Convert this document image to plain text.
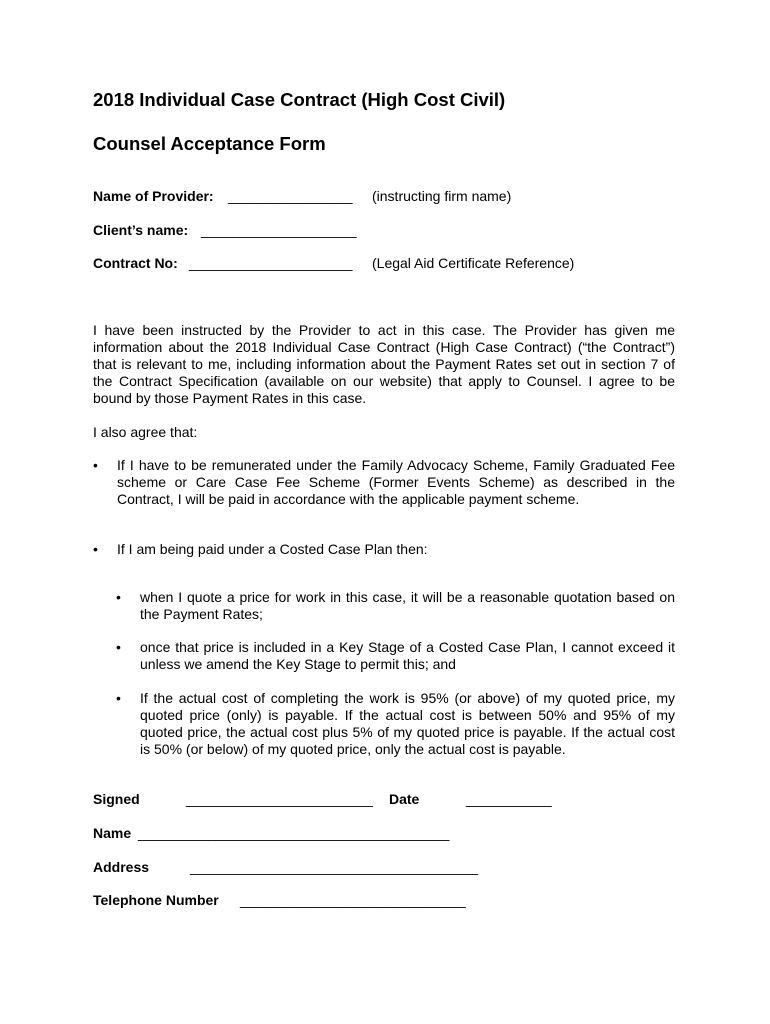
2018 Individual Case Contract (High Cost Civil)
Counsel Acceptance Form
Name of Provider: ________________ (instructing firm name)
Client’s name: ____________________
Contract No: _____________________ (Legal Aid Certificate Reference)
I have been instructed by the Provider to act in this case. The Provider has given me information about the 2018 Individual Case Contract (High Case Contract) (“the Contract”) that is relevant to me, including information about the Payment Rates set out in section 7 of the Contract Specification (available on our website) that apply to Counsel. I agree to be bound by those Payment Rates in this case.
I also agree that:
• If I have to be remunerated under the Family Advocacy Scheme, Family Graduated Fee scheme or Care Case Fee Scheme (Former Events Scheme) as described in the Contract, I will be paid in accordance with the applicable payment scheme.
• If I am being paid under a Costed Case Plan then:
• when I quote a price for work in this case, it will be a reasonable quotation based on the Payment Rates;
• once that price is included in a Key Stage of a Costed Case Plan, I cannot exceed it unless we amend the Key Stage to permit this; and
• If the actual cost of completing the work is 95% (or above) of my quoted price, my quoted price (only) is payable. If the actual cost is between 50% and 95% of my quoted price, the actual cost plus 5% of my quoted price is payable. If the actual cost is 50% (or below) of my quoted price, only the actual cost is payable.
Signed	________________________ Date	___________
Name ________________________________________
Address	_____________________________________
Telephone Number _____________________________
